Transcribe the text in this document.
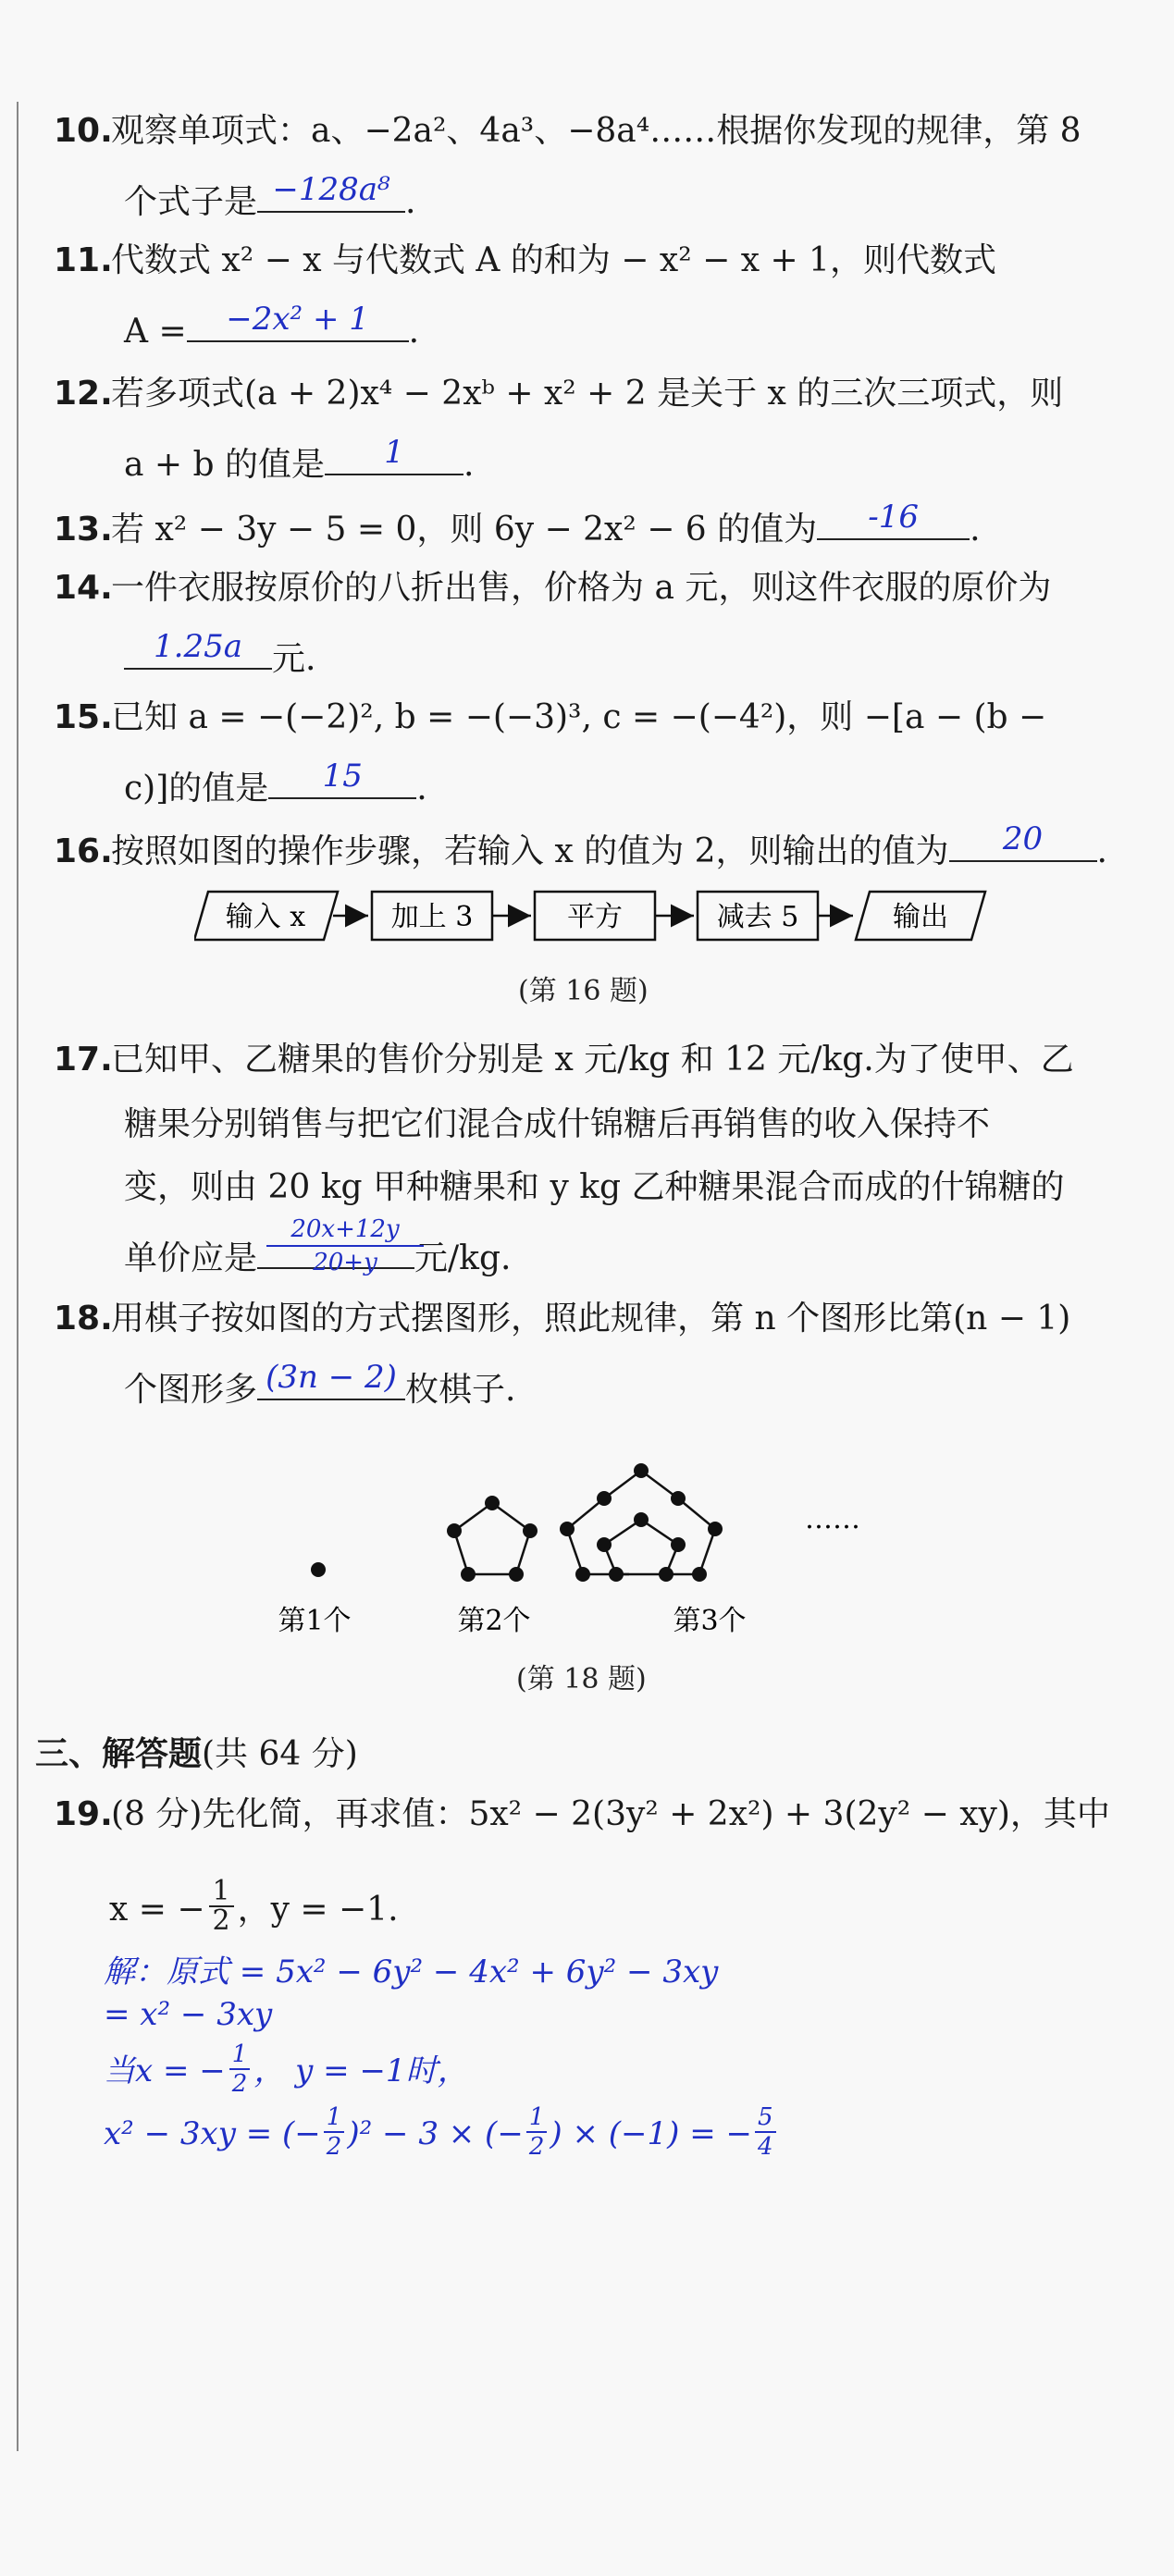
10.观察单项式：a、−2a²、4a³、−8a⁴……根据你发现的规律，第 8
个式子是 −128a⁸ .
11.代数式 x² − x 与代数式 A 的和为 − x² − x + 1，则代数式
A =	−2x² + 1	.
12.若多项式(a + 2)x⁴ − 2xᵇ + x² + 2 是关于 x 的三次三项式，则
a + b 的值是	1	.
13.若 x² − 3y − 5 = 0，则 6y − 2x² − 6 的值为	-16	.
14.一件衣服按原价的八折出售，价格为 a 元，则这件衣服的原价为
1.25a 元.
15.已知 a = −(−2)², b = −(−3)³, c = −(−4²)，则 −[a − (b −
c)]的值是	15	.
16.按照如图的操作步骤，若输入 x 的值为 2，则输出的值为	20	.
输入 x	加上 3	平方	减去 5	输出
(第 16 题)
17.已知甲、乙糖果的售价分别是 x 元/kg 和 12 元/kg.为了使甲、乙
糖果分别销售与把它们混合成什锦糖后再销售的收入保持不
变，则由 20 kg 甲种糖果和 y kg 乙种糖果混合而成的什锦糖的
单价应是	元/kg.
$\frac{20x+12y}{20+y}$
18.用棋子按如图的方式摆图形，照此规律，第 n 个图形比第(n − 1)
个图形多 (3n − 2) 枚棋子.
……
第1个	第2个	第3个
(第 18 题)
三、解答题(共 64 分)
19.(8 分)先化简，再求值：5x² − 2(3y² + 2x²) + 3(2y² − xy)，其中
x = − $\frac{1}{2}$ ，y = −1.
解：原式 = 5x² − 6y² − 4x² + 6y² − 3xy
= x² − 3xy
当x = − $\frac{1}{2}$ ， y = −1时，
x² − 3xy = (− $\frac{1}{2} )^2 - 3$ × (− $\frac{1}{2}$ ) × (−1) = − $\frac{5}{4}$
